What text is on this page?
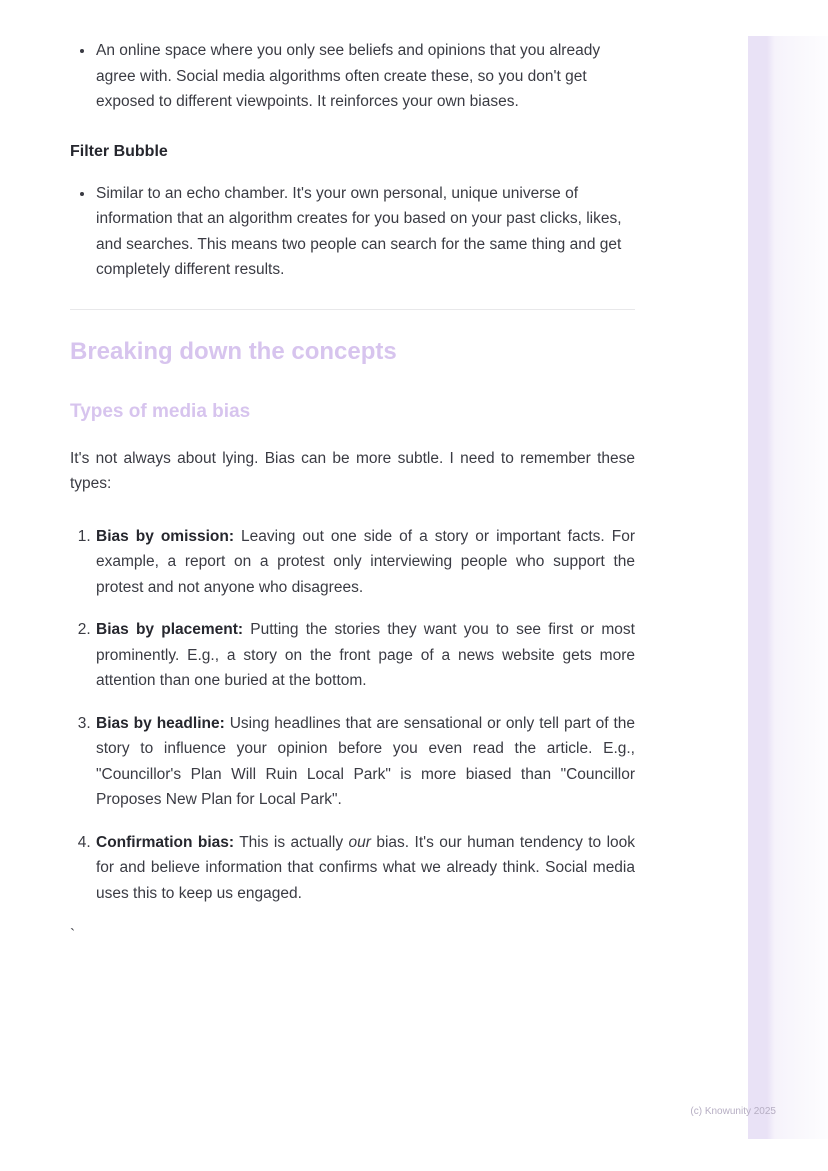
• An online space where you only see beliefs and opinions that you already agree with. Social media algorithms often create these, so you don't get exposed to different viewpoints. It reinforces your own biases.
Filter Bubble
• Similar to an echo chamber. It's your own personal, unique universe of information that an algorithm creates for you based on your past clicks, likes, and searches. This means two people can search for the same thing and get completely different results.
Breaking down the concepts
Types of media bias

It's not always about lying. Bias can be more subtle. I need to remember these types:

1. Bias by omission: Leaving out one side of a story or important facts. For example, a report on a protest only interviewing people who support the protest and not anyone who disagrees.
2. Bias by placement: Putting the stories they want you to see first or most prominently. E.g., a story on the front page of a news website gets more attention than one buried at the bottom.
3. Bias by headline: Using headlines that are sensational or only tell part of the story to influence your opinion before you even read the article. E.g., "Councillor's Plan Will Ruin Local Park" is more biased than "Councillor Proposes New Plan for Local Park".
4. Confirmation bias: This is actually our bias. It's our human tendency to look for and believe information that confirms what we already think. Social media uses this to keep us engaged.
`
(c) Knowunity 2025
